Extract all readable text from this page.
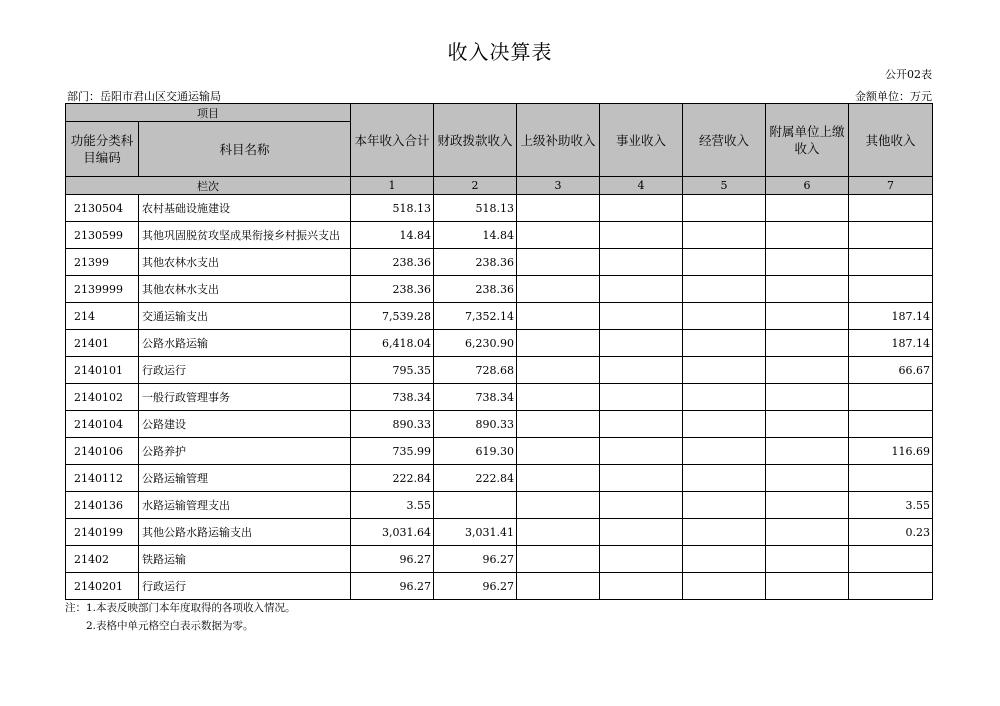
收入决算表
公开02表
部门：岳阳市君山区交通运输局	金额单位：万元
项目		本年收入合计	财政拨款收入	上级补助收入	事业收入	经营收入	附属单位上缴收入	其他收入
功能分类科目编码	科目名称							
栏次		1	2	3	4	5	6	7
2130504	农村基础设施建设	518.13	518.13					
2130599	其他巩固脱贫攻坚成果衔接乡村振兴支出	14.84	14.84					
21399	其他农林水支出	238.36	238.36					
2139999	其他农林水支出	238.36	238.36					
214	交通运输支出	7,539.28	7,352.14					187.14
21401	公路水路运输	6,418.04	6,230.90					187.14
2140101	行政运行	795.35	728.68					66.67
2140102	一般行政管理事务	738.34	738.34					
2140104	公路建设	890.33	890.33					
2140106	公路养护	735.99	619.30					116.69
2140112	公路运输管理	222.84	222.84					
2140136	水路运输管理支出	3.55						3.55
2140199	其他公路水路运输支出	3,031.64	3,031.41					0.23
21402	铁路运输	96.27	96.27					
2140201	行政运行	96.27	96.27					
注：1.本表反映部门本年度取得的各项收入情况。
2.表格中单元格空白表示数据为零。
